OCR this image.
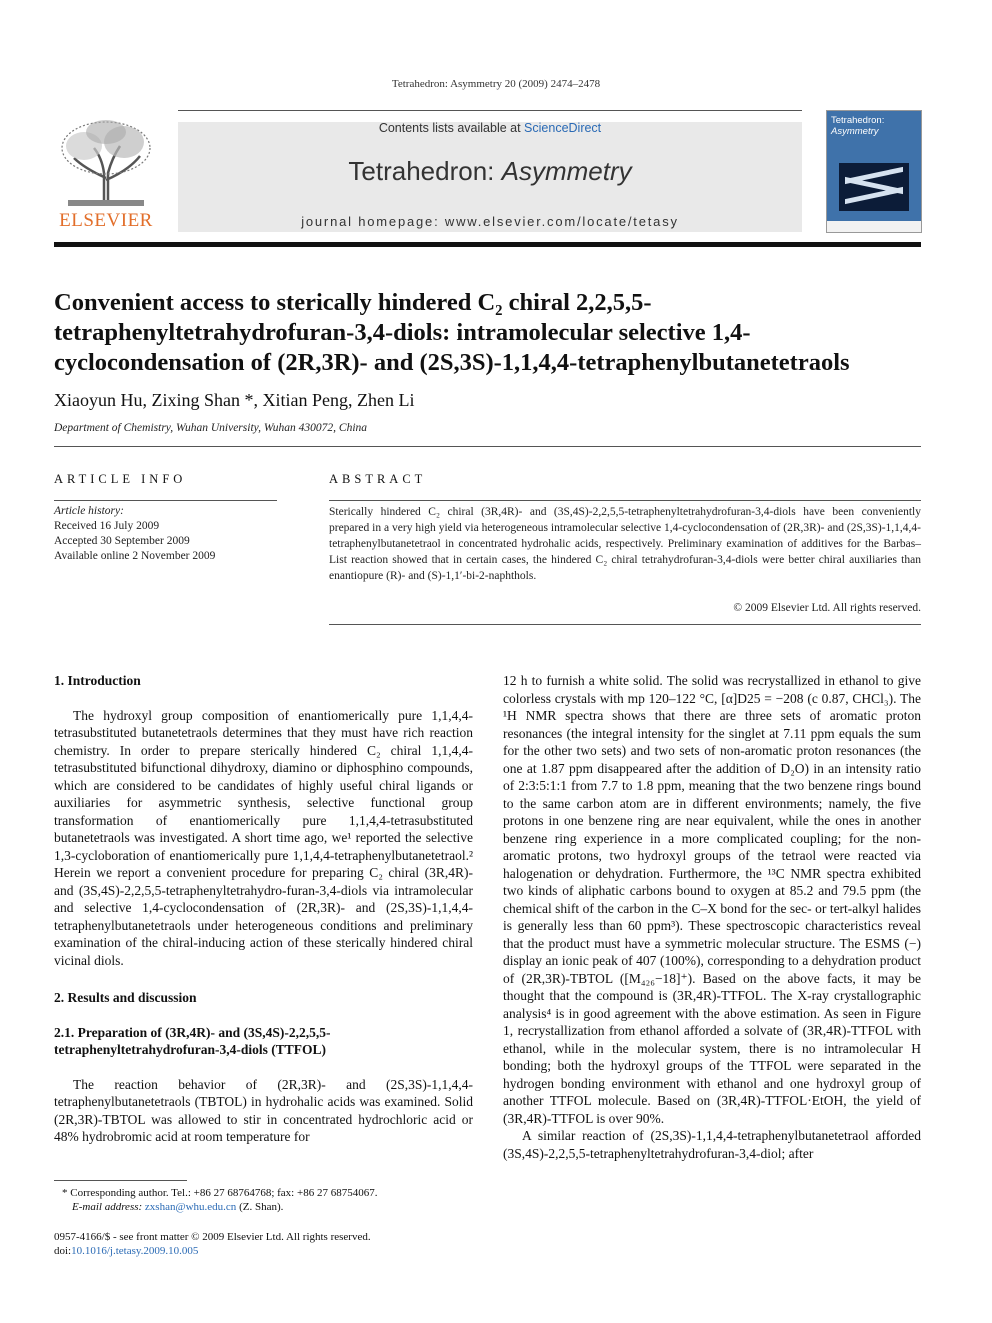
Tetrahedron: Asymmetry 20 (2009) 2474–2478
ELSEVIER
Contents lists available at ScienceDirect
Tetrahedron: Asymmetry
journal homepage: www.elsevier.com/locate/tetasy
Tetrahedron:
Asymmetry
Convenient access to sterically hindered C₂ chiral 2,2,5,5-tetraphenyltetrahydrofuran-3,4-diols: intramolecular selective 1,4-cyclocondensation of (2R,3R)- and (2S,3S)-1,1,4,4-tetraphenylbutanetetraols
Xiaoyun Hu, Zixing Shan *, Xitian Peng, Zhen Li
Department of Chemistry, Wuhan University, Wuhan 430072, China
ARTICLE INFO
Article history:
Received 16 July 2009
Accepted 30 September 2009
Available online 2 November 2009
ABSTRACT
Sterically hindered C₂ chiral (3R,4R)- and (3S,4S)-2,2,5,5-tetraphenyltetrahydrofuran-3,4-diols have been conveniently prepared in a very high yield via heterogeneous intramolecular selective 1,4-cyclocondensation of (2R,3R)- and (2S,3S)-1,1,4,4-tetraphenylbutanetetraol in concentrated hydrohalic acids, respectively. Preliminary examination of additives for the Barbas–List reaction showed that in certain cases, the hindered C₂ chiral tetrahydrofuran-3,4-diols were better chiral auxiliaries than enantiopure (R)- and (S)-1,1′-bi-2-naphthols.
© 2009 Elsevier Ltd. All rights reserved.

1. Introduction

The hydroxyl group composition of enantiomerically pure 1,1,4,4-tetrasubstituted butanetetraols determines that they must have rich reaction chemistry. In order to prepare sterically hindered C₂ chiral 1,1,4,4-tetrasubstituted bifunctional dihydroxy, diamino or diphosphino compounds, which are considered to be candidates of highly useful chiral ligands or auxiliaries for asymmetric synthesis, selective functional group transformation of enantiomerically pure 1,1,4,4-tetrasubstituted butanetetraols was investigated. A short time ago, we¹ reported the selective 1,3-cycloboration of enantiomerically pure 1,1,4,4-tetraphenylbutanetetraol.² Herein we report a convenient procedure for preparing C₂ chiral (3R,4R)- and (3S,4S)-2,2,5,5-tetraphenyltetrahydro-furan-3,4-diols via intramolecular and selective 1,4-cyclocondensation of (2R,3R)- and (2S,3S)-1,1,4,4-tetraphenylbutanetetraols under heterogeneous conditions and preliminary examination of the chiral-inducing action of these sterically hindered chiral vicinal diols.

2. Results and discussion

2.1. Preparation of (3R,4R)- and (3S,4S)-2,2,5,5-tetraphenyltetrahydrofuran-3,4-diols (TTFOL)

The reaction behavior of (2R,3R)- and (2S,3S)-1,1,4,4-tetraphenylbutanetetraols (TBTOL) in hydrohalic acids was examined. Solid (2R,3R)-TBTOL was allowed to stir in concentrated hydrochloric acid or 48% hydrobromic acid at room temperature for

12 h to furnish a white solid. The solid was recrystallized in ethanol to give colorless crystals with mp 120–122 °C, [α]D25 = −208 (c 0.87, CHCl₃). The ¹H NMR spectra shows that there are three sets of aromatic proton resonances (the integral intensity for the singlet at 7.11 ppm equals the sum for the other two sets) and two sets of non-aromatic proton resonances (the one at 1.87 ppm disappeared after the addition of D₂O) in an intensity ratio of 2:3:5:1:1 from 7.7 to 1.8 ppm, meaning that the two benzene rings bound to the same carbon atom are in different environments; namely, the five protons in one benzene ring are near equivalent, while the ones in another benzene ring experience in a more complicated coupling; for the non-aromatic protons, two hydroxyl groups of the tetraol were reacted via halogenation or dehydration. Furthermore, the ¹³C NMR spectra exhibited two kinds of aliphatic carbons bound to oxygen at 85.2 and 79.5 ppm (the chemical shift of the carbon in the C–X bond for the sec- or tert-alkyl halides is generally less than 60 ppm³). These spectroscopic characteristics reveal that the product must have a symmetric molecular structure. The ESMS (−) display an ionic peak of 407 (100%), corresponding to a dehydration product of (2R,3R)-TBTOL ([M₄₂₆−18]⁺). Based on the above facts, it may be thought that the compound is (3R,4R)-TTFOL. The X-ray crystallographic analysis⁴ is in good agreement with the above estimation. As seen in Figure 1, recrystallization from ethanol afforded a solvate of (3R,4R)-TTFOL with ethanol, while in the molecular system, there is no intramolecular H bonding; both the hydroxyl groups of the TTFOL were separated in the hydrogen bonding environment with ethanol and one hydroxyl group of another TTFOL molecule. Based on (3R,4R)-TTFOL·EtOH, the yield of (3R,4R)-TTFOL is over 90%.

A similar reaction of (2S,3S)-1,1,4,4-tetraphenylbutanetetraol afforded (3S,4S)-2,2,5,5-tetraphenyltetrahydrofuran-3,4-diol; after

* Corresponding author. Tel.: +86 27 68764768; fax: +86 27 68754067.
E-mail address: zxshan@whu.edu.cn (Z. Shan).
0957-4166/$ - see front matter © 2009 Elsevier Ltd. All rights reserved.
doi:10.1016/j.tetasy.2009.10.005
